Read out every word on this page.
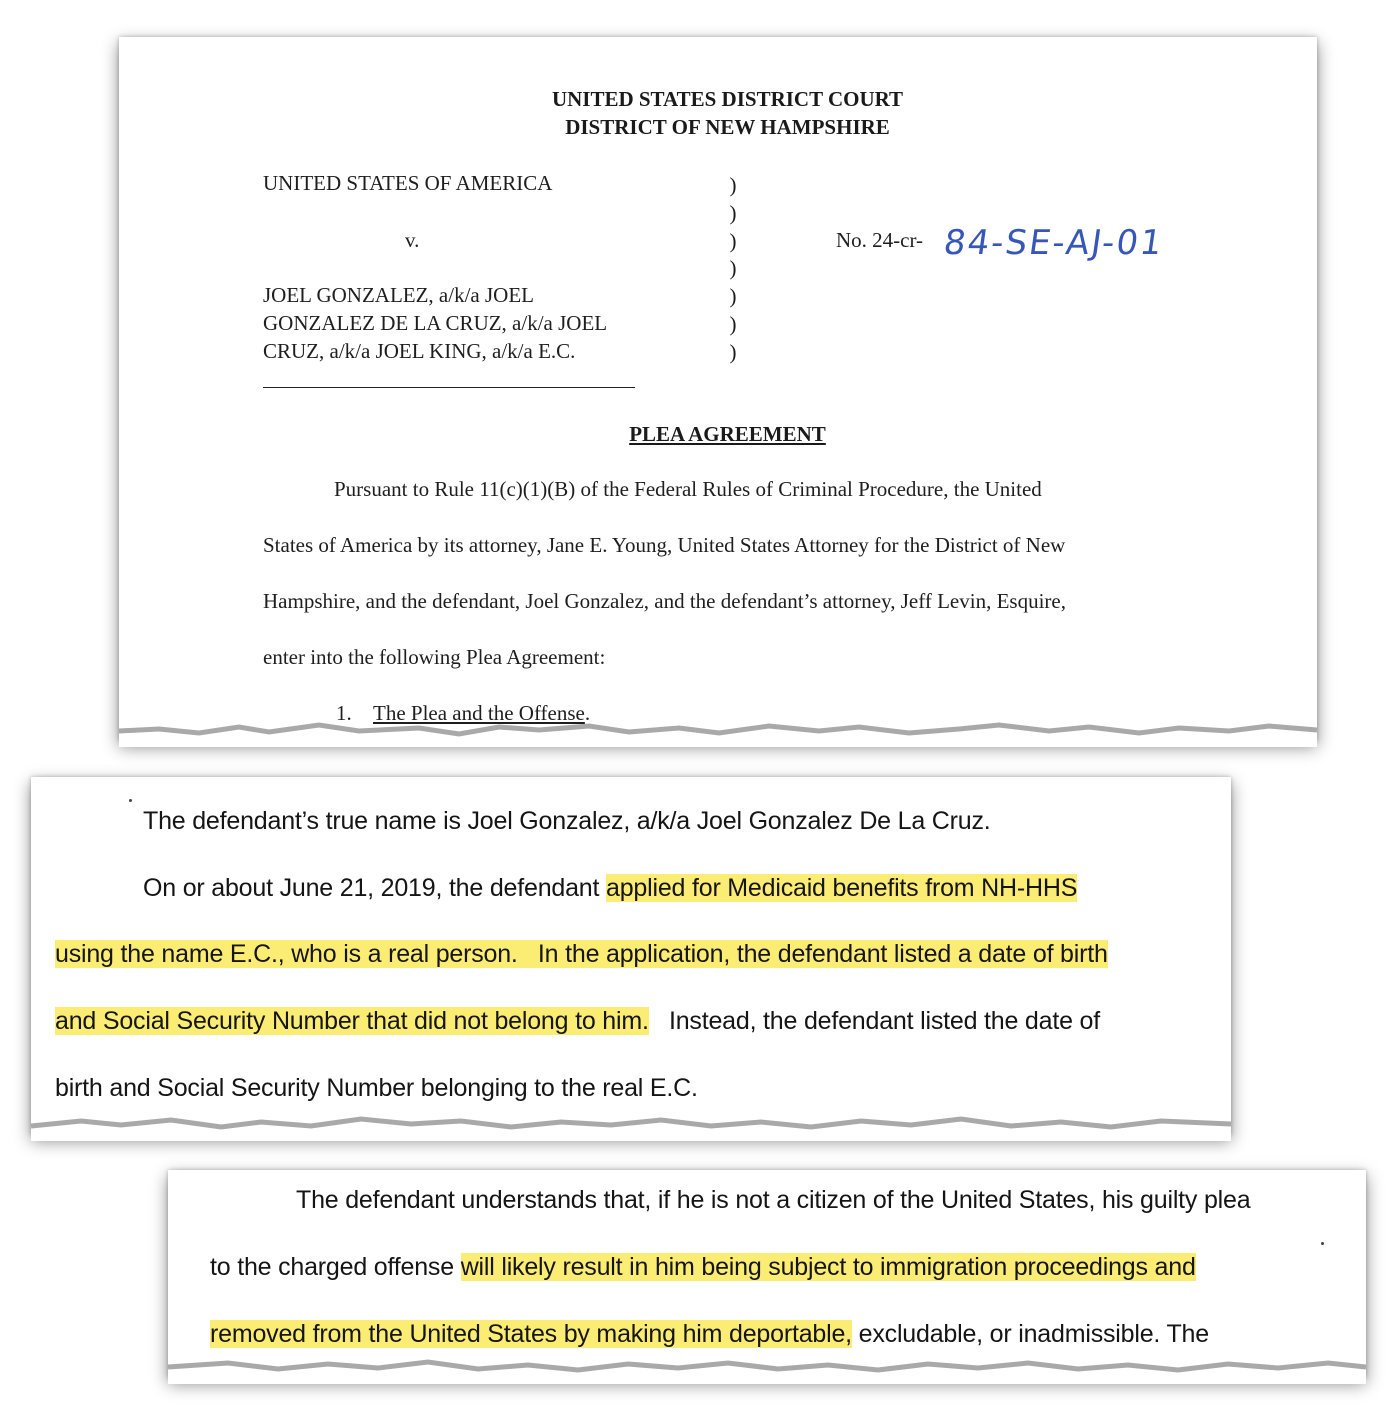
UNITED STATES DISTRICT COURT
DISTRICT OF NEW HAMPSHIRE
UNITED STATES OF AMERICA
v.
JOEL GONZALEZ, a/k/a JOEL
GONZALEZ DE LA CRUZ, a/k/a JOEL
CRUZ, a/k/a JOEL KING, a/k/a E.C.
)
)
)
)
)
)
)
No. 24-cr- 84-SE-AJ-01
PLEA AGREEMENT
Pursuant to Rule 11(c)(1)(B) of the Federal Rules of Criminal Procedure, the United
States of America by its attorney, Jane E. Young, United States Attorney for the District of New
Hampshire, and the defendant, Joel Gonzalez, and the defendant’s attorney, Jeff Levin, Esquire,
enter into the following Plea Agreement:
1. The Plea and the Offense.
The defendant’s true name is Joel Gonzalez, a/k/a Joel Gonzalez De La Cruz.
On or about June 21, 2019, the defendant applied for Medicaid benefits from NH-HHS
using the name E.C., who is a real person.   In the application, the defendant listed a date of birth
and Social Security Number that did not belong to him.   Instead, the defendant listed the date of
birth and Social Security Number belonging to the real E.C.
The defendant understands that, if he is not a citizen of the United States, his guilty plea
to the charged offense will likely result in him being subject to immigration proceedings and
removed from the United States by making him deportable, excludable, or inadmissible. The
